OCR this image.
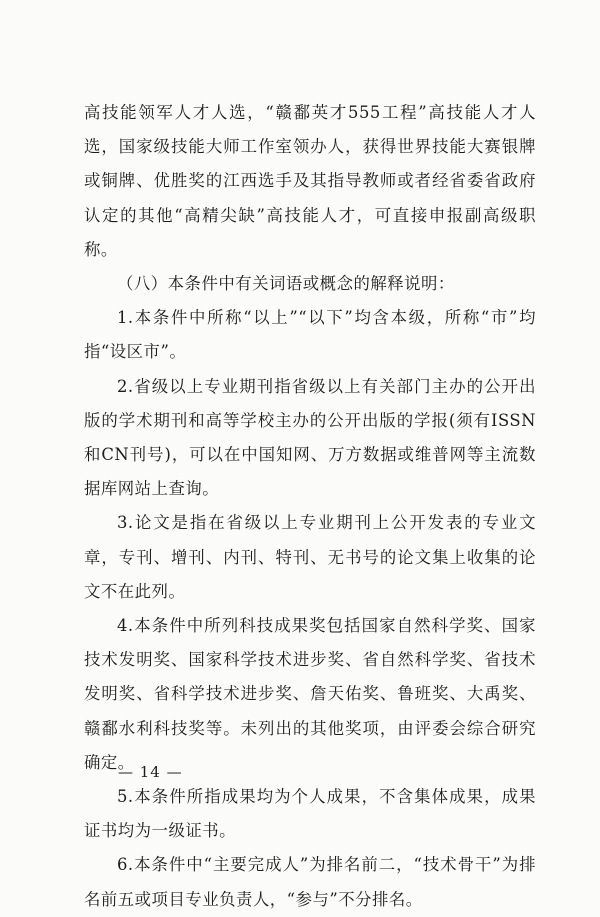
高技能领军人才人选，“赣鄱英才555工程”高技能人才人选，国家级技能大师工作室领办人，获得世界技能大赛银牌或铜牌、优胜奖的江西选手及其指导教师或者经省委省政府认定的其他“高精尖缺”高技能人才，可直接申报副高级职称。

（八）本条件中有关词语或概念的解释说明：

1.本条件中所称“以上”“以下”均含本级，所称“市”均指“设区市”。

2.省级以上专业期刊指省级以上有关部门主办的公开出版的学术期刊和高等学校主办的公开出版的学报(须有ISSN和CN刊号)，可以在中国知网、万方数据或维普网等主流数据库网站上查询。

3.论文是指在省级以上专业期刊上公开发表的专业文章，专刊、增刊、内刊、特刊、无书号的论文集上收集的论文不在此列。

4.本条件中所列科技成果奖包括国家自然科学奖、国家技术发明奖、国家科学技术进步奖、省自然科学奖、省技术发明奖、省科学技术进步奖、詹天佑奖、鲁班奖、大禹奖、赣鄱水利科技奖等。未列出的其他奖项，由评委会综合研究确定。

5.本条件所指成果均为个人成果，不含集体成果，成果证书均为一级证书。

6.本条件中“主要完成人”为排名前二，“技术骨干”为排名前五或项目专业负责人，“参与”不分排名。

— 14 —
